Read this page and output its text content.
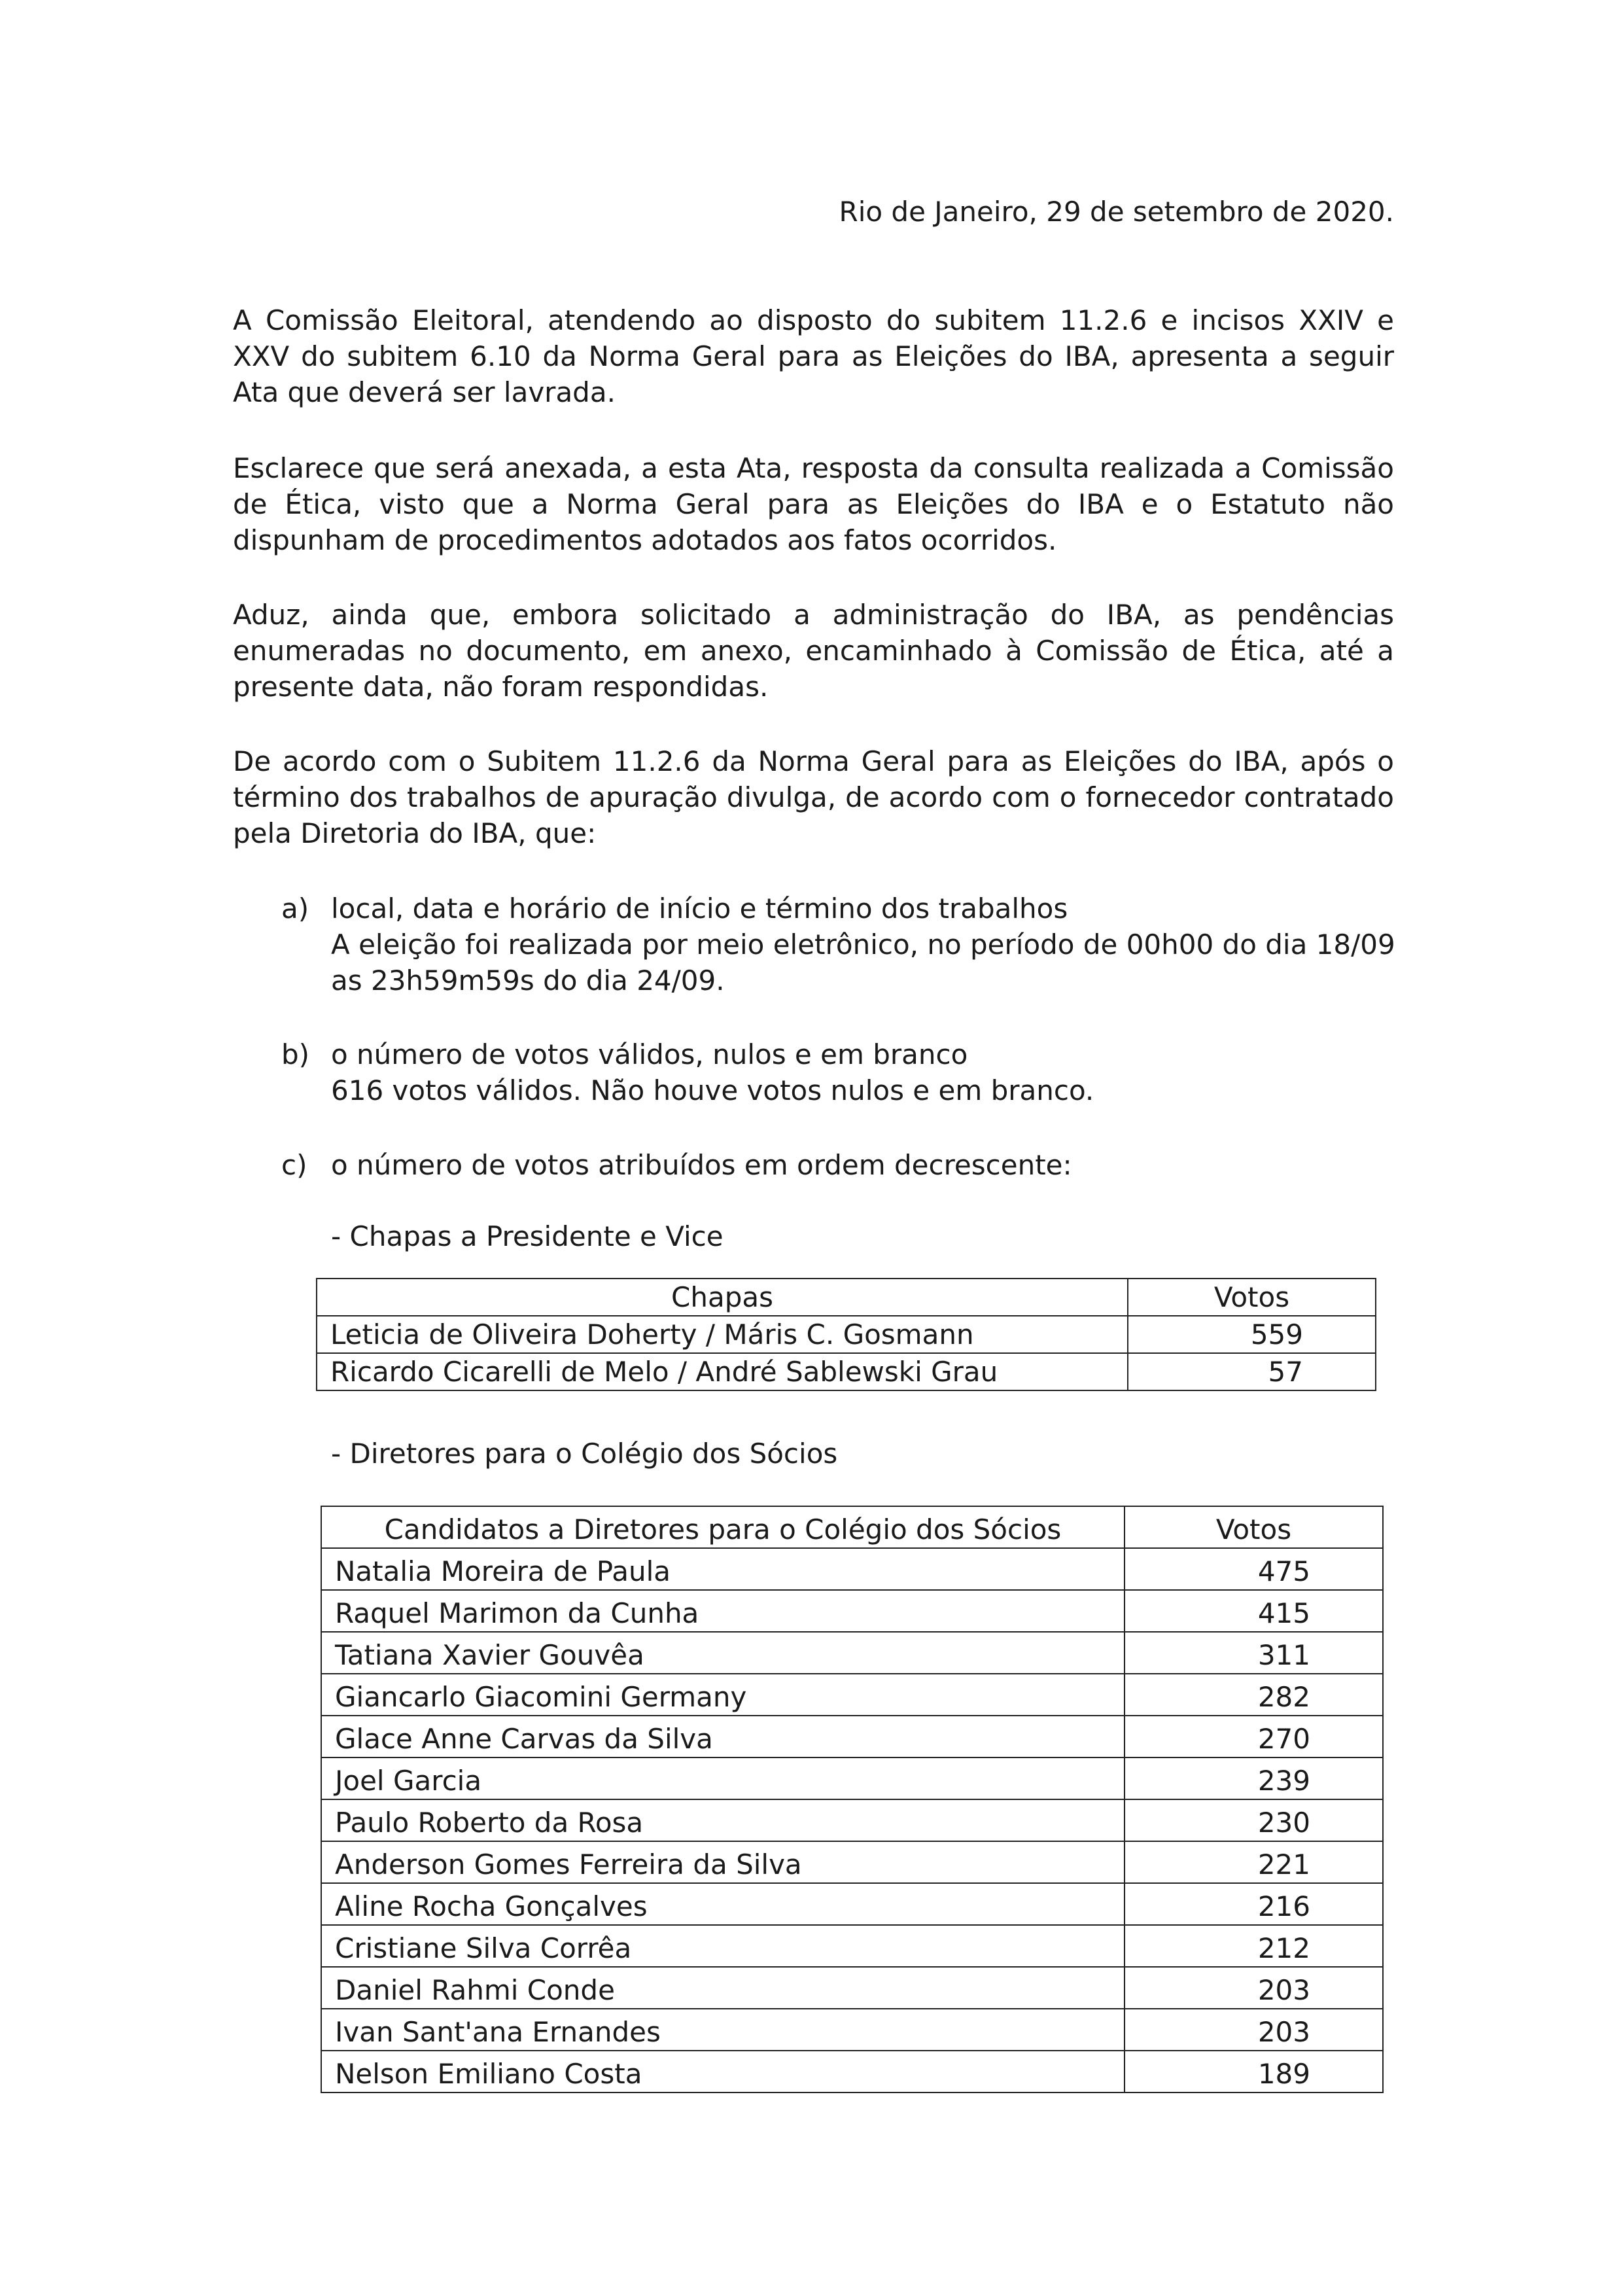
Rio de Janeiro, 29 de setembro de 2020.

A Comissão Eleitoral, atendendo ao disposto do subitem 11.2.6 e incisos XXIV e XXV do subitem 6.10 da Norma Geral para as Eleições do IBA, apresenta a seguir Ata que deverá ser lavrada.

Esclarece que será anexada, a esta Ata, resposta da consulta realizada a Comissão de Ética, visto que a Norma Geral para as Eleições do IBA e o Estatuto não dispunham de procedimentos adotados aos fatos ocorridos.

Aduz, ainda que, embora solicitado a administração do IBA, as pendências enumeradas no documento, em anexo, encaminhado à Comissão de Ética, até a presente data, não foram respondidas.

De acordo com o Subitem 11.2.6 da Norma Geral para as Eleições do IBA, após o término dos trabalhos de apuração divulga, de acordo com o fornecedor contratado pela Diretoria do IBA, que:

a) local, data e horário de início e término dos trabalhos
A eleição foi realizada por meio eletrônico, no período de 00h00 do dia 18/09
as 23h59m59s do dia 24/09.
b) o número de votos válidos, nulos e em branco
616 votos válidos. Não houve votos nulos e em branco.
c) o número de votos atribuídos em ordem decrescente:
- Chapas a Presidente e Vice
Chapas	Votos
Leticia de Oliveira Doherty / Máris C. Gosmann	559
Ricardo Cicarelli de Melo / André Sablewski Grau	57
- Diretores para o Colégio dos Sócios
Candidatos a Diretores para o Colégio dos Sócios	Votos
Natalia Moreira de Paula	475
Raquel Marimon da Cunha	415
Tatiana Xavier Gouvêa	311
Giancarlo Giacomini Germany	282
Glace Anne Carvas da Silva	270
Joel Garcia	239
Paulo Roberto da Rosa	230
Anderson Gomes Ferreira da Silva	221
Aline Rocha Gonçalves	216
Cristiane Silva Corrêa	212
Daniel Rahmi Conde	203
Ivan Sant'ana Ernandes	203
Nelson Emiliano Costa	189
